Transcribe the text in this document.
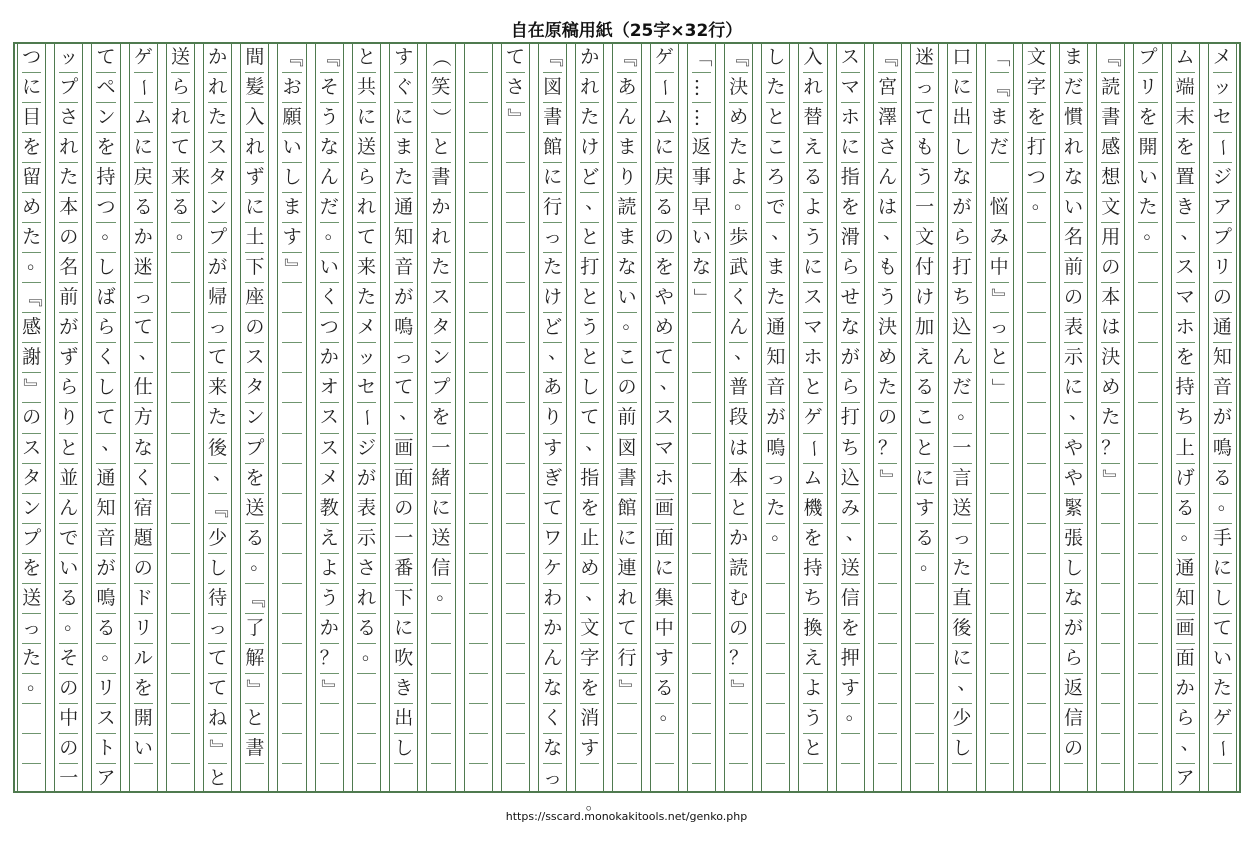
自在原稿用紙（25字×32行）
メ
ッ
セ
ー
ジ
ア
プ
リ
の
通
知
音
が
鳴
る
。
手
に
し
て
い
た
ゲ
ー
ム
端
末
を
置
き
、
ス
マ
ホ
を
持
ち
上
げ
る
。
通
知
画
面
か
ら
、
ア
プ
リ
を
開
い
た
。
『
読
書
感
想
文
用
の
本
は
決
め
た
？
』
ま
だ
慣
れ
な
い
名
前
の
表
示
に
、
や
や
緊
張
し
な
が
ら
返
信
の
文
字
を
打
つ
。
「
『
ま
だ
悩
み
中
』
っ
と
」
口
に
出
し
な
が
ら
打
ち
込
ん
だ
。
一
言
送
っ
た
直
後
に
、
少
し
迷
っ
て
も
う
一
文
付
け
加
え
る
こ
と
に
す
る
。
『
宮
澤
さ
ん
は
、
も
う
決
め
た
の
？
』
ス
マ
ホ
に
指
を
滑
ら
せ
な
が
ら
打
ち
込
み
、
送
信
を
押
す
。
入
れ
替
え
る
よ
う
に
ス
マ
ホ
と
ゲ
ー
ム
機
を
持
ち
換
え
よ
う
と
し
た
と
こ
ろ
で
、
ま
た
通
知
音
が
鳴
っ
た
。
『
決
め
た
よ
。
歩
武
く
ん
、
普
段
は
本
と
か
読
む
の
？
』
「
…
…
返
事
早
い
な
」
ゲ
ー
ム
に
戻
る
の
を
や
め
て
、
ス
マ
ホ
画
面
に
集
中
す
る
。
『
あ
ん
ま
り
読
ま
な
い
。
こ
の
前
図
書
館
に
連
れ
て
行
』
か
れ
た
け
ど
、
と
打
と
う
と
し
て
、
指
を
止
め
、
文
字
を
消
す
『
図
書
館
に
行
っ
た
け
ど
、
あ
り
す
ぎ
て
ワ
ケ
わ
か
ん
な
く
な
っ
て
さ
』
（
笑
）
と
書
か
れ
た
ス
タ
ン
プ
を
一
緒
に
送
信
。
す
ぐ
に
ま
た
通
知
音
が
鳴
っ
て
、
画
面
の
一
番
下
に
吹
き
出
し
と
共
に
送
ら
れ
て
来
た
メ
ッ
セ
ー
ジ
が
表
示
さ
れ
る
。
『
そ
う
な
ん
だ
。
い
く
つ
か
オ
ス
ス
メ
教
え
よ
う
か
？
』
『
お
願
い
し
ま
す
』
間
髪
入
れ
ず
に
土
下
座
の
ス
タ
ン
プ
を
送
る
。
『
了
解
』
と
書
か
れ
た
ス
タ
ン
プ
が
帰
っ
て
来
た
後
、
『
少
し
待
っ
て
て
ね
』
と
送
ら
れ
て
来
る
。
ゲ
ー
ム
に
戻
る
か
迷
っ
て
、
仕
方
な
く
宿
題
の
ド
リ
ル
を
開
い
て
ペ
ン
を
持
つ
。
し
ば
ら
く
し
て
、
通
知
音
が
鳴
る
。
リ
ス
ト
ア
ッ
プ
さ
れ
た
本
の
名
前
が
ず
ら
り
と
並
ん
で
い
る
。
そ
の
中
の
一
つ
に
目
を
留
め
た
。
『
感
謝
』
の
ス
タ
ン
プ
を
送
っ
た
。
https://sscard.monokakitools.net/genko.php
。
